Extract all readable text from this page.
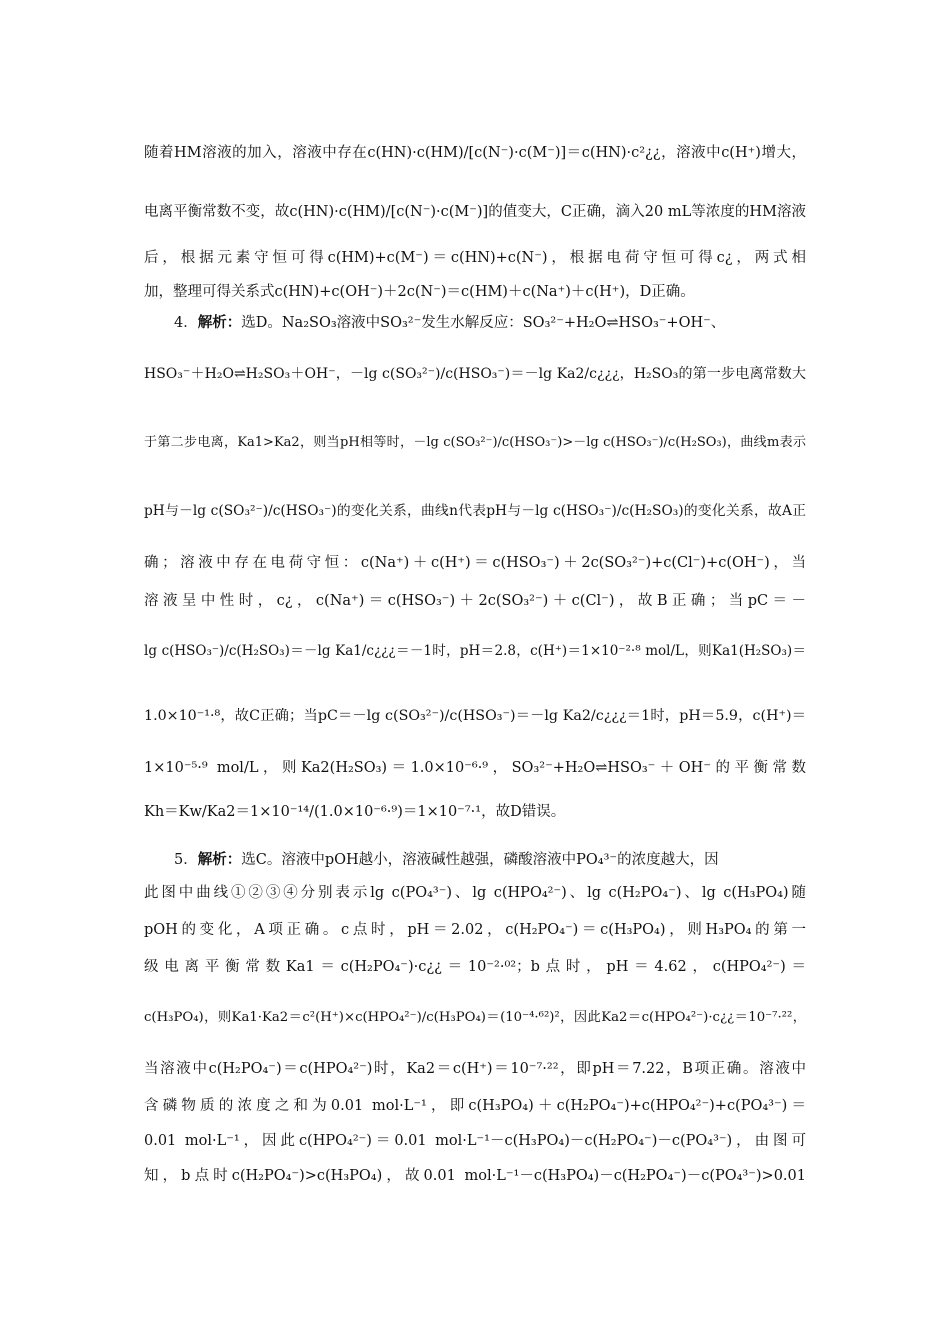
随着HM溶液的加入，溶液中存在c(HN)·c(HM)/[c(N⁻)·c(M⁻)]＝c(HN)·c²¿¿，溶液中c(H⁺)增大，
电离平衡常数不变，故c(HN)·c(HM)/[c(N⁻)·c(M⁻)]的值变大，C正确，滴入20 mL等浓度的HM溶液
后，根据元素守恒可得c(HM)+c(M⁻)＝c(HN)+c(N⁻)，根据电荷守恒可得c¿，两式相
加，整理可得关系式c(HN)+c(OH⁻)＋2c(N⁻)＝c(HM)＋c(Na⁺)＋c(H⁺)，D正确。
4．解析：选D。Na₂SO₃溶液中SO₃²⁻发生水解反应：SO₃²⁻+H₂O⇌HSO₃⁻+OH⁻、
HSO₃⁻＋H₂O⇌H₂SO₃＋OH⁻，－lg c(SO₃²⁻)/c(HSO₃⁻)＝－lg Ka2/c¿¿¿，H₂SO₃的第一步电离常数大
于第二步电离，Ka1>Ka2，则当pH相等时，－lg c(SO₃²⁻)/c(HSO₃⁻)>－lg c(HSO₃⁻)/c(H₂SO₃)，曲线m表示
pH与－lg c(SO₃²⁻)/c(HSO₃⁻)的变化关系，曲线n代表pH与－lg c(HSO₃⁻)/c(H₂SO₃)的变化关系，故A正
确；溶液中存在电荷守恒：c(Na⁺)＋c(H⁺)＝c(HSO₃⁻)＋2c(SO₃²⁻)+c(Cl⁻)+c(OH⁻)，当
溶液呈中性时，c¿，c(Na⁺)＝c(HSO₃⁻)＋2c(SO₃²⁻)＋c(Cl⁻)，故B正确；当pC＝－
lg c(HSO₃⁻)/c(H₂SO₃)＝－lg Ka1/c¿¿¿＝－1时，pH＝2.8，c(H⁺)＝1×10⁻²·⁸ mol/L，则Ka1(H₂SO₃)＝
1.0×10⁻¹·⁸，故C正确；当pC＝－lg c(SO₃²⁻)/c(HSO₃⁻)＝－lg Ka2/c¿¿¿＝1时，pH＝5.9，c(H⁺)＝
1×10⁻⁵·⁹ mol/L，则Ka2(H₂SO₃)＝1.0×10⁻⁶·⁹，SO₃²⁻+H₂O⇌HSO₃⁻＋OH⁻的平衡常数
Kh＝Kw/Ka2＝1×10⁻¹⁴/(1.0×10⁻⁶·⁹)＝1×10⁻⁷·¹，故D错误。
5．解析：选C。溶液中pOH越小，溶液碱性越强，磷酸溶液中PO₄³⁻的浓度越大，因
此图中曲线①②③④分别表示lg c(PO₄³⁻)、lg c(HPO₄²⁻)、lg c(H₂PO₄⁻)、lg c(H₃PO₄)随
pOH的变化，A项正确。c点时，pH＝2.02，c(H₂PO₄⁻)＝c(H₃PO₄)，则H₃PO₄的第一
级电离平衡常数Ka1＝c(H₂PO₄⁻)·c¿¿＝10⁻²·⁰²；b点时，pH＝4.62，c(HPO₄²⁻)＝
c(H₃PO₄)，则Ka1·Ka2＝c²(H⁺)×c(HPO₄²⁻)/c(H₃PO₄)＝(10⁻⁴·⁶²)²，因此Ka2＝c(HPO₄²⁻)·c¿¿＝10⁻⁷·²²，
当溶液中c(H₂PO₄⁻)＝c(HPO₄²⁻)时，Ka2＝c(H⁺)＝10⁻⁷·²²，即pH＝7.22，B项正确。溶液中
含磷物质的浓度之和为0.01 mol·L⁻¹，即c(H₃PO₄)＋c(H₂PO₄⁻)+c(HPO₄²⁻)+c(PO₄³⁻)＝
0.01 mol·L⁻¹，因此c(HPO₄²⁻)＝0.01 mol·L⁻¹－c(H₃PO₄)－c(H₂PO₄⁻)－c(PO₄³⁻)，由图可
知，b点时c(H₂PO₄⁻)>c(H₃PO₄)，故0.01 mol·L⁻¹－c(H₃PO₄)－c(H₂PO₄⁻)－c(PO₄³⁻)>0.01
